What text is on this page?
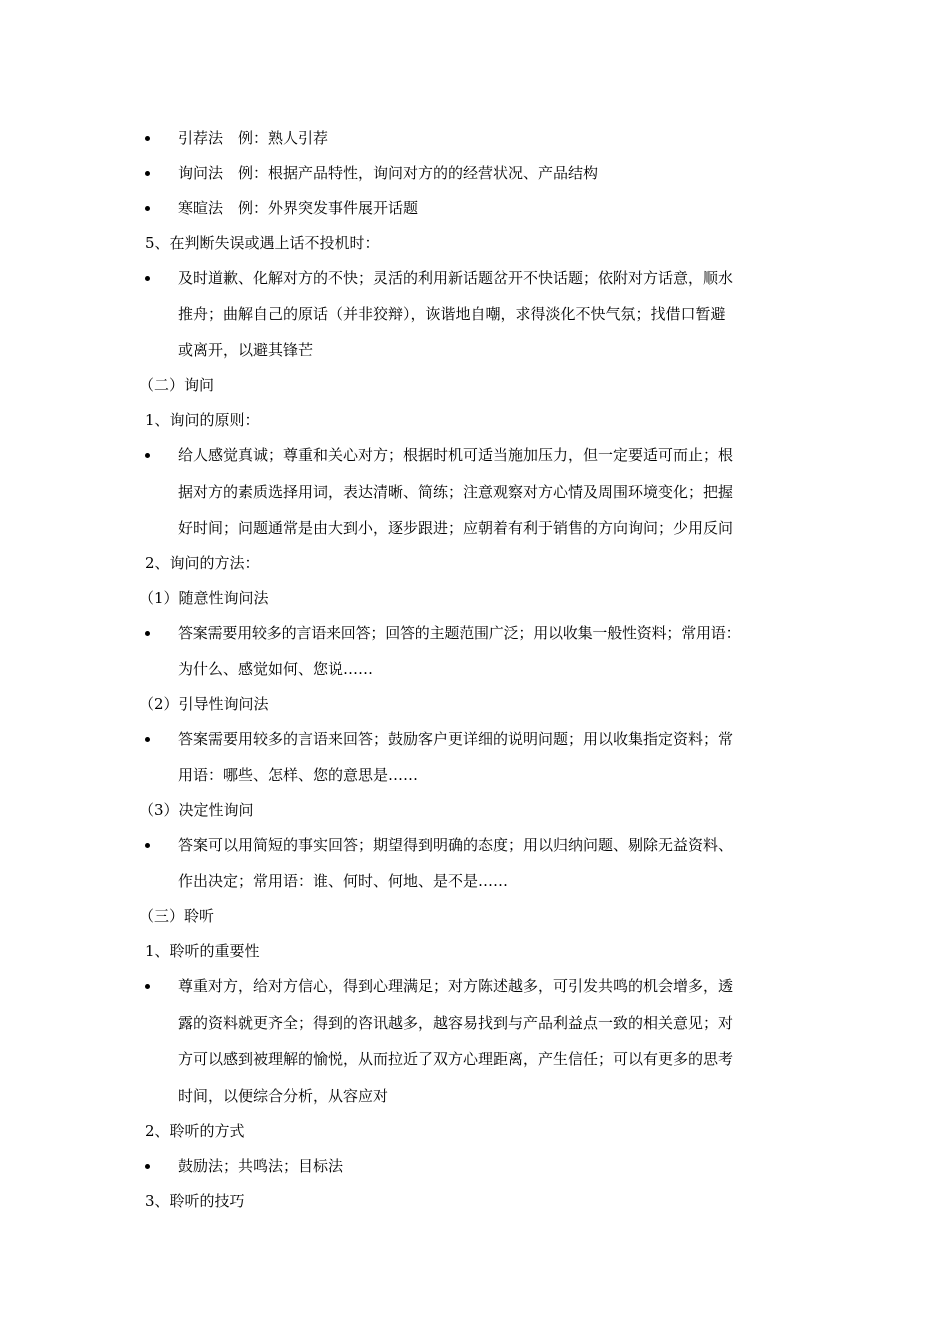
引荐法　例：熟人引荐
询问法　例：根据产品特性，询问对方的的经营状况、产品结构
寒暄法　例：外界突发事件展开话题
5、在判断失误或遇上话不投机时：
及时道歉、化解对方的不快；灵活的利用新话题岔开不快话题；依附对方话意，顺水
推舟；曲解自己的原话（并非狡辩），诙谐地自嘲，求得淡化不快气氛；找借口暂避
或离开，以避其锋芒
（二）询问
1、询问的原则：
给人感觉真诚；尊重和关心对方；根据时机可适当施加压力，但一定要适可而止；根
据对方的素质选择用词，表达清晰、简练；注意观察对方心情及周围环境变化；把握
好时间；问题通常是由大到小，逐步跟进；应朝着有利于销售的方向询问；少用反问
2、询问的方法：
（1）随意性询问法
答案需要用较多的言语来回答；回答的主题范围广泛；用以收集一般性资料；常用语：
为什么、感觉如何、您说……
（2）引导性询问法
答案需要用较多的言语来回答；鼓励客户更详细的说明问题；用以收集指定资料；常
用语：哪些、怎样、您的意思是……
（3）决定性询问
答案可以用简短的事实回答；期望得到明确的态度；用以归纳问题、剔除无益资料、
作出决定；常用语：谁、何时、何地、是不是……
（三）聆听
1、聆听的重要性
尊重对方，给对方信心，得到心理满足；对方陈述越多，可引发共鸣的机会增多，透
露的资料就更齐全；得到的咨讯越多，越容易找到与产品利益点一致的相关意见；对
方可以感到被理解的愉悦，从而拉近了双方心理距离，产生信任；可以有更多的思考
时间，以便综合分析，从容应对
2、聆听的方式
鼓励法；共鸣法；目标法
3、聆听的技巧
